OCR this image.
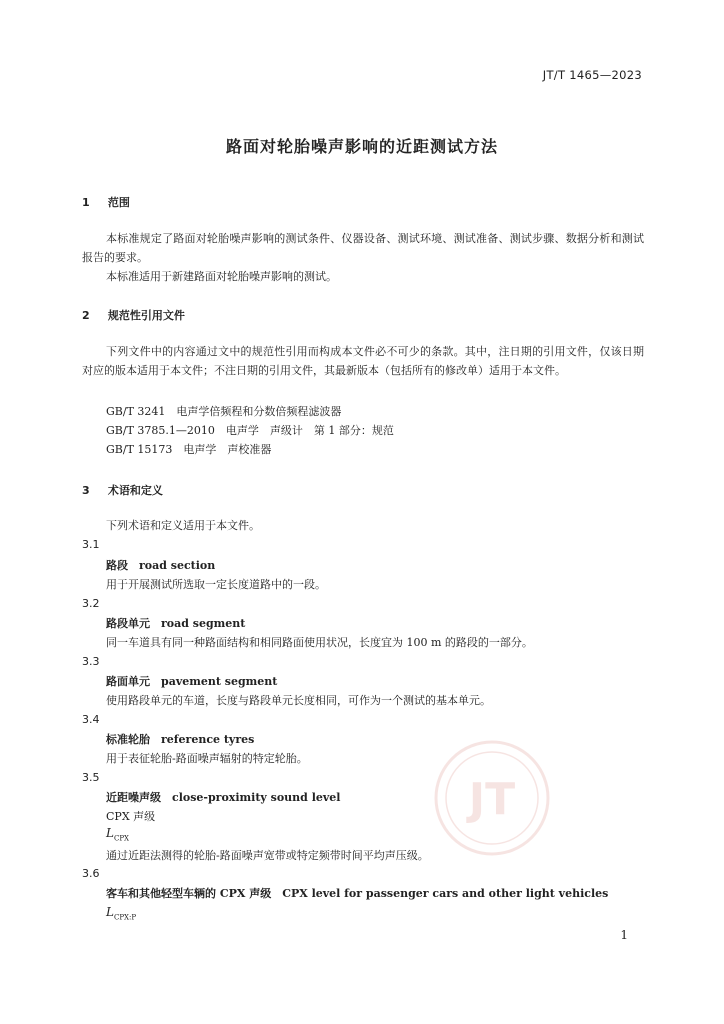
JT/T 1465—2023
路面对轮胎噪声影响的近距测试方法
1 范围

本标准规定了路面对轮胎噪声影响的测试条件、仪器设备、测试环境、测试准备、测试步骤、数据分析和测试报告的要求。

本标准适用于新建路面对轮胎噪声影响的测试。

2 规范性引用文件

下列文件中的内容通过文中的规范性引用而构成本文件必不可少的条款。其中，注日期的引用文件，仅该日期对应的版本适用于本文件；不注日期的引用文件，其最新版本（包括所有的修改单）适用于本文件。

GB/T 3241　电声学倍频程和分数倍频程滤波器
GB/T 3785.1—2010　电声学　声级计　第 1 部分：规范
GB/T 15173　电声学　声校准器
3 术语和定义
下列术语和定义适用于本文件。
3.1
路段　road section
用于开展测试所选取一定长度道路中的一段。
3.2
路段单元　road segment
同一车道具有同一种路面结构和相同路面使用状况，长度宜为 100 m 的路段的一部分。
3.3
路面单元　pavement segment
使用路段单元的车道，长度与路段单元长度相同，可作为一个测试的基本单元。
3.4
标准轮胎　reference tyres
用于表征轮胎-路面噪声辐射的特定轮胎。
3.5
近距噪声级　close-proximity sound level
CPX 声级
$L_{CPX}$
通过近距法测得的轮胎-路面噪声宽带或特定频带时间平均声压级。
3.6
客车和其他轻型车辆的 CPX 声级　CPX level for passenger cars and other light vehicles
$L_{CPX:P}$
JT
1
